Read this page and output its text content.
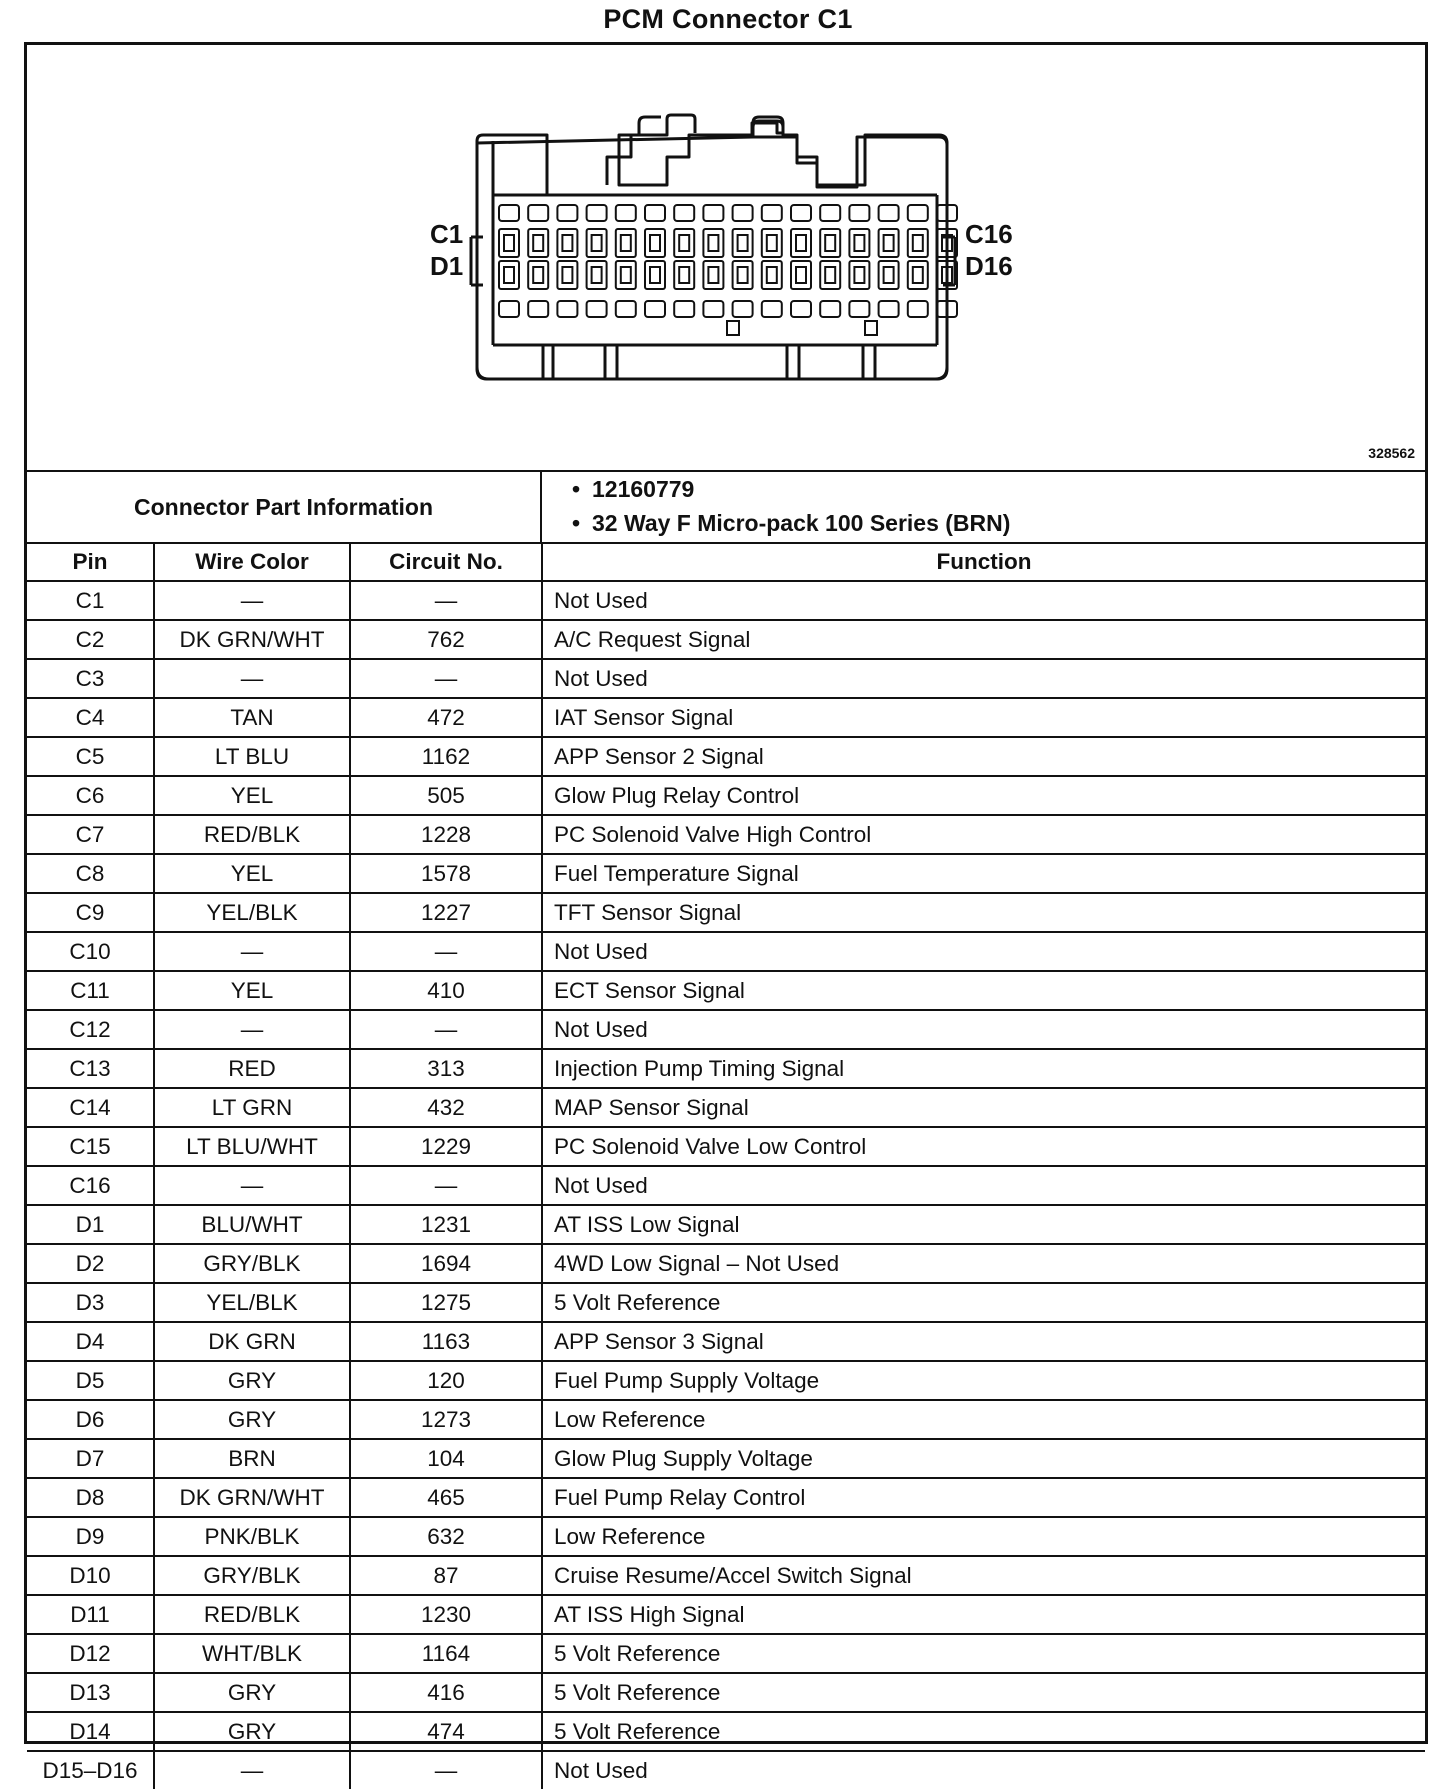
PCM Connector C1
C1
D1
C16
D16
328562
Connector Part Information
• 12160779
• 32 Way F Micro-pack 100 Series (BRN)
Pin	Wire Color	Circuit No.	Function
C1	—	—	Not Used
C2	DK GRN/WHT	762	A/C Request Signal
C3	—	—	Not Used
C4	TAN	472	IAT Sensor Signal
C5	LT BLU	1162	APP Sensor 2 Signal
C6	YEL	505	Glow Plug Relay Control
C7	RED/BLK	1228	PC Solenoid Valve High Control
C8	YEL	1578	Fuel Temperature Signal
C9	YEL/BLK	1227	TFT Sensor Signal
C10	—	—	Not Used
C11	YEL	410	ECT Sensor Signal
C12	—	—	Not Used
C13	RED	313	Injection Pump Timing Signal
C14	LT GRN	432	MAP Sensor Signal
C15	LT BLU/WHT	1229	PC Solenoid Valve Low Control
C16	—	—	Not Used
D1	BLU/WHT	1231	AT ISS Low Signal
D2	GRY/BLK	1694	4WD Low Signal – Not Used
D3	YEL/BLK	1275	5 Volt Reference
D4	DK GRN	1163	APP Sensor 3 Signal
D5	GRY	120	Fuel Pump Supply Voltage
D6	GRY	1273	Low Reference
D7	BRN	104	Glow Plug Supply Voltage
D8	DK GRN/WHT	465	Fuel Pump Relay Control
D9	PNK/BLK	632	Low Reference
D10	GRY/BLK	87	Cruise Resume/Accel Switch Signal
D11	RED/BLK	1230	AT ISS High Signal
D12	WHT/BLK	1164	5 Volt Reference
D13	GRY	416	5 Volt Reference
D14	GRY	474	5 Volt Reference
D15–D16	—	—	Not Used
